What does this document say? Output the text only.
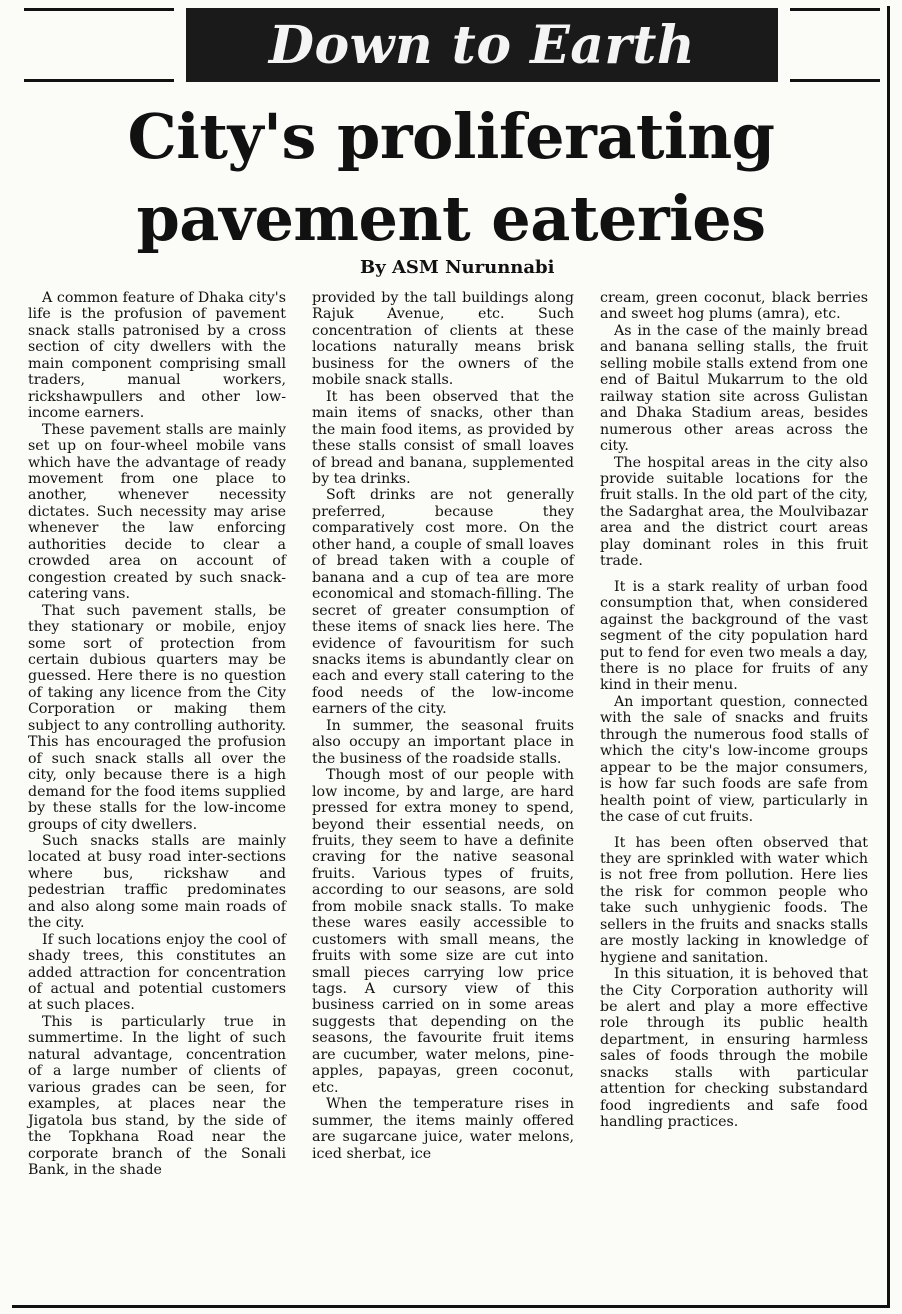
Down to Earth
City's proliferating pavement eateries
By ASM Nurunnabi

A common feature of Dhaka city's life is the profusion of pavement snack stalls patronised by a cross section of city dwellers with the main component comprising small traders, manual workers, rickshawpullers and other low-income earners.

These pavement stalls are mainly set up on four-wheel mobile vans which have the advantage of ready movement from one place to another, whenever necessity dictates. Such necessity may arise whenever the law enforcing authorities decide to clear a crowded area on account of congestion created by such snack-catering vans.

That such pavement stalls, be they stationary or mobile, enjoy some sort of protection from certain dubious quarters may be guessed. Here there is no question of taking any licence from the City Corporation or making them subject to any controlling authority. This has encouraged the profusion of such snack stalls all over the city, only because there is a high demand for the food items supplied by these stalls for the low-income groups of city dwellers.

Such snacks stalls are mainly located at busy road inter-sections where bus, rickshaw and pedestrian traffic predominates and also along some main roads of the city.

If such locations enjoy the cool of shady trees, this constitutes an added attraction for concentration of actual and potential customers at such places.

This is particularly true in summertime. In the light of such natural advantage, concentration of a large number of clients of various grades can be seen, for examples, at places near the Jigatola bus stand, by the side of the Topkhana Road near the corporate branch of the Sonali Bank, in the shade

provided by the tall buildings along Rajuk Avenue, etc. Such concentration of clients at these locations naturally means brisk business for the owners of the mobile snack stalls.

It has been observed that the main items of snacks, other than the main food items, as provided by these stalls consist of small loaves of bread and banana, supplemented by tea drinks.

Soft drinks are not generally preferred, because they comparatively cost more. On the other hand, a couple of small loaves of bread taken with a couple of banana and a cup of tea are more economical and stomach-filling. The secret of greater consumption of these items of snack lies here. The evidence of favouritism for such snacks items is abundantly clear on each and every stall catering to the food needs of the low-income earners of the city.

In summer, the seasonal fruits also occupy an important place in the business of the roadside stalls.

Though most of our people with low income, by and large, are hard pressed for extra money to spend, beyond their essential needs, on fruits, they seem to have a definite craving for the native seasonal fruits. Various types of fruits, according to our seasons, are sold from mobile snack stalls. To make these wares easily accessible to customers with small means, the fruits with some size are cut into small pieces carrying low price tags. A cursory view of this business carried on in some areas suggests that depending on the seasons, the favourite fruit items are cucumber, water melons, pine-apples, papayas, green coconut, etc.

When the temperature rises in summer, the items mainly offered are sugarcane juice, water melons, iced sherbat, ice

cream, green coconut, black berries and sweet hog plums (amra), etc.

As in the case of the mainly bread and banana selling stalls, the fruit selling mobile stalls extend from one end of Baitul Mukarrum to the old railway station site across Gulistan and Dhaka Stadium areas, besides numerous other areas across the city.

The hospital areas in the city also provide suitable locations for the fruit stalls. In the old part of the city, the Sadarghat area, the Moulvibazar area and the district court areas play dominant roles in this fruit trade.

It is a stark reality of urban food consumption that, when considered against the background of the vast segment of the city population hard put to fend for even two meals a day, there is no place for fruits of any kind in their menu.

An important question, connected with the sale of snacks and fruits through the numerous food stalls of which the city's low-income groups appear to be the major consumers, is how far such foods are safe from health point of view, particularly in the case of cut fruits.

It has been often observed that they are sprinkled with water which is not free from pollution. Here lies the risk for common people who take such unhygienic foods. The sellers in the fruits and snacks stalls are mostly lacking in knowledge of hygiene and sanitation.

In this situation, it is behoved that the City Corporation authority will be alert and play a more effective role through its public health department, in ensuring harmless sales of foods through the mobile snacks stalls with particular attention for checking substandard food ingredients and safe food handling practices.
